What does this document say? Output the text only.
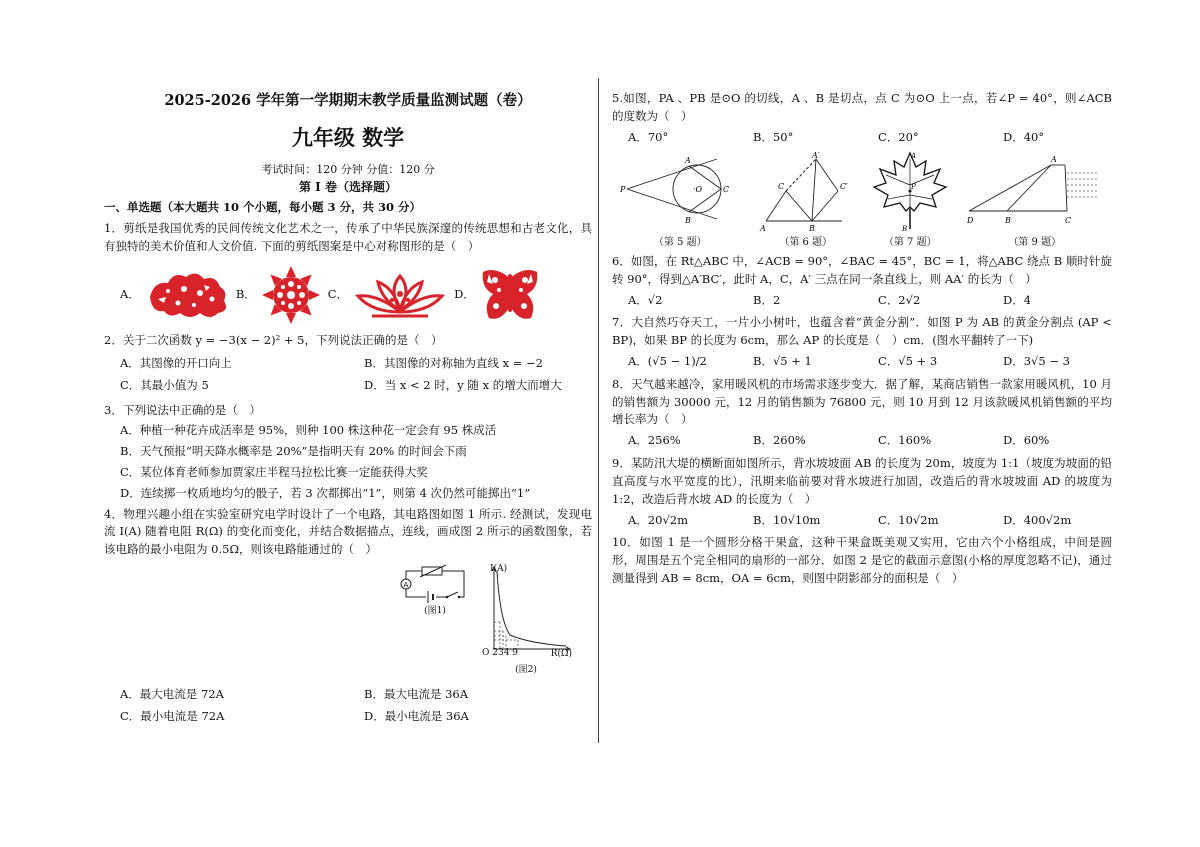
2025-2026 学年第一学期期末教学质量监测试题（卷）
九年级 数学
考试时间：120 分钟 分值：120 分
第 I 卷（选择题）
一、单选题（本大题共 10 个小题，每小题 3 分，共 30 分）
1．剪纸是我国优秀的民间传统文化艺术之一，传承了中华民族深邃的传统思想和古老文化，具有独特的美术价值和人文价值. 下面的剪纸图案是中心对称图形的是（　）
A．	B．	C．	D．
2．关于二次函数 y = −3(x − 2)² + 5，下列说法正确的是（　）
A．其图像的开口向上	B．其图像的对称轴为直线 x = −2
C．其最小值为 5	D．当 x < 2 时，y 随 x 的增大而增大
3．下列说法中正确的是（　）
A．种植一种花卉成活率是 95%，则种 100 株这种花一定会有 95 株成活
B．天气预报“明天降水概率是 20%”是指明天有 20% 的时间会下雨
C．某位体育老师参加贾家庄半程马拉松比赛一定能获得大奖
D．连续掷一枚质地均匀的骰子，若 3 次都掷出“1”，则第 4 次仍然可能掷出“1”
4．物理兴趣小组在实验室研究电学时设计了一个电路，其电路图如图 1 所示. 经测试，发现电流 I(A) 随着电阻 R(Ω) 的变化而变化，并结合数据描点，连线，画成图 2 所示的函数图象，若该电路的最小电阻为 0.5Ω，则该电路能通过的（　）
A
(图1)
I(A)
O 234 9	R(Ω)
(图2)
A．最大电流是 72A	B．最大电流是 36A
C．最小电流是 72A	D．最小电流是 36A
5.如图，PA 、PB 是⊙O 的切线，A 、B 是切点，点 C 为⊙O 上一点，若∠P = 40°，则∠ACB 的度数为（　）
A．70°	B．50°	C．20°	D．40°
P
A
B
C
·O
（第 5 题）
A′
C	C′
A	B
（第 6 题）
P
A
B
（第 7 题）
A
D	B	C
（第 9 题）
6．如图，在 Rt△ABC 中，∠ACB = 90°，∠BAC = 45°，BC = 1，将△ABC 绕点 B 顺时针旋转 90°，得到△A′BC′，此时 A，C，A′ 三点在同一条直线上，则 AA′ 的长为（　）
A．√2	B．2	C．2√2	D．4
7．大自然巧夺天工，一片小小树叶，也蕴含着“黄金分割”．如图 P 为 AB 的黄金分割点 (AP < BP)，如果 BP 的长度为 6cm，那么 AP 的长度是（　）cm．(图水平翻转了一下)
A．(√5 − 1)/2	B．√5 + 1	C．√5 + 3	D．3√5 − 3
8．天气越来越冷，家用暖风机的市场需求逐步变大．据了解，某商店销售一款家用暖风机，10 月的销售额为 30000 元，12 月的销售额为 76800 元，则 10 月到 12 月该款暖风机销售额的平均增长率为（　）
A．256%	B．260%	C．160%	D．60%
9．某防汛大堤的横断面如图所示，背水坡坡面 AB 的长度为 20m，坡度为 1:1（坡度为坡面的铅直高度与水平宽度的比），汛期来临前要对背水坡进行加固，改造后的背水坡坡面 AD 的坡度为 1:2，改造后背水坡 AD 的长度为（　）
A．20√2m	B．10√10m	C．10√2m	D．400√2m
10．如图 1 是一个圆形分格干果盒，这种干果盒既美观又实用，它由六个小格组成，中间是圆形，周围是五个完全相同的扇形的一部分．如图 2 是它的截面示意图(小格的厚度忽略不记)，通过测量得到 AB = 8cm，OA = 6cm，则图中阴影部分的面积是（　）
